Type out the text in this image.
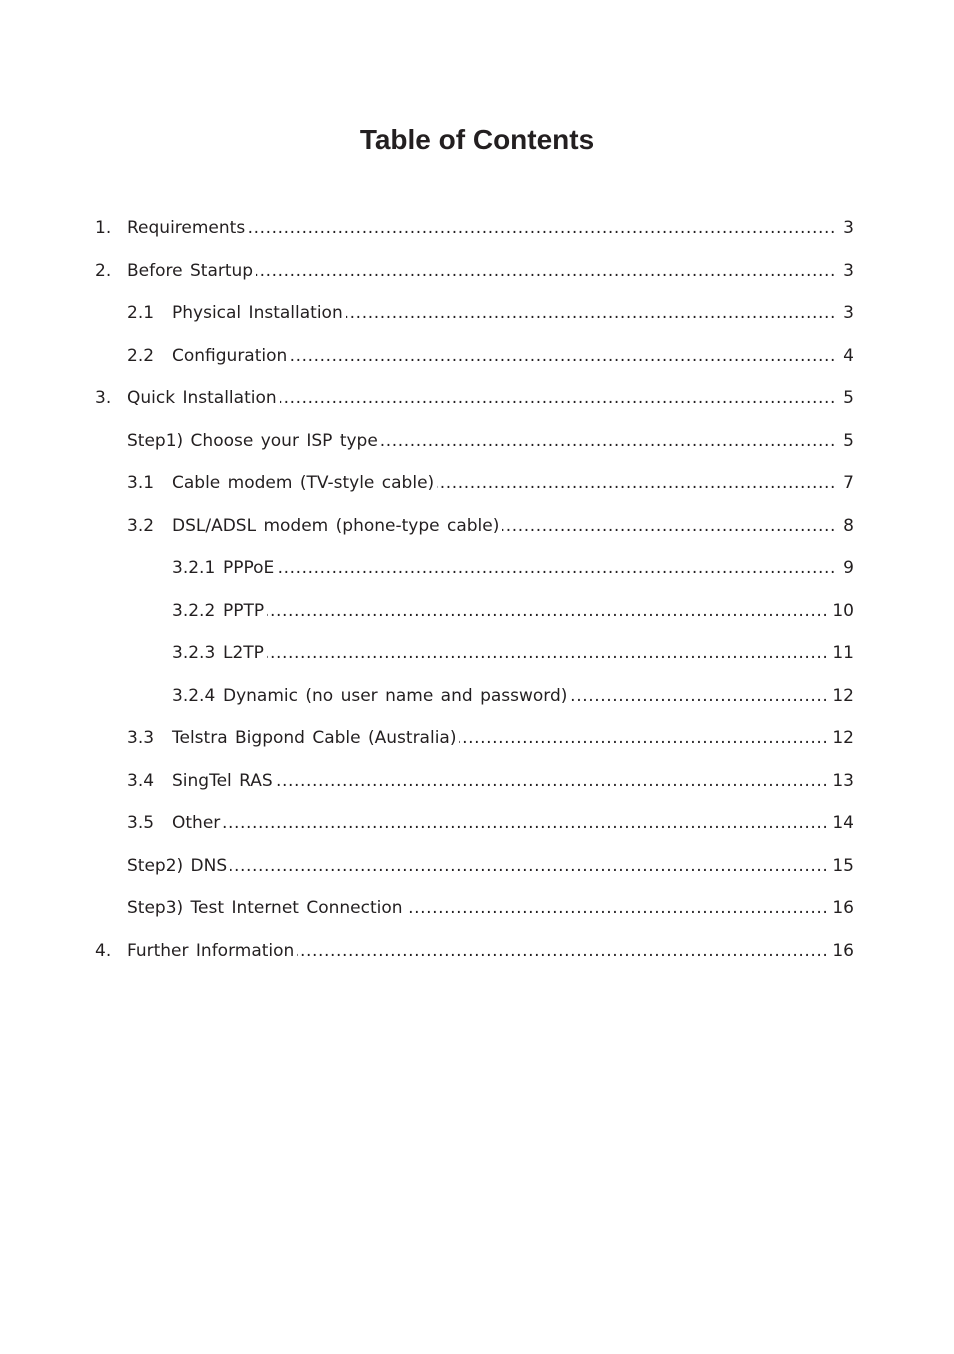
Table of Contents
1. Requirements .....	3
2. Before Startup .....	3
2.1	Physical Installation .....	3
2.2	Configuration .....	4
3. Quick Installation .....	5
Step1) Choose your ISP type .....	5
3.1	Cable modem (TV-style cable) .....	7
3.2	DSL/ADSL modem (phone-type cable) .....	8
3.2.1 PPPoE .....	9
3.2.2 PPTP .....	10
3.2.3 L2TP .....	11
3.2.4 Dynamic (no user name and password) .....	12
3.3	Telstra Bigpond Cable (Australia) .....	12
3.4	SingTel RAS .....	13
3.5	Other .....	14
Step2) DNS .....	15
Step3) Test Internet Connection .....	16
4. Further Information .....	16
